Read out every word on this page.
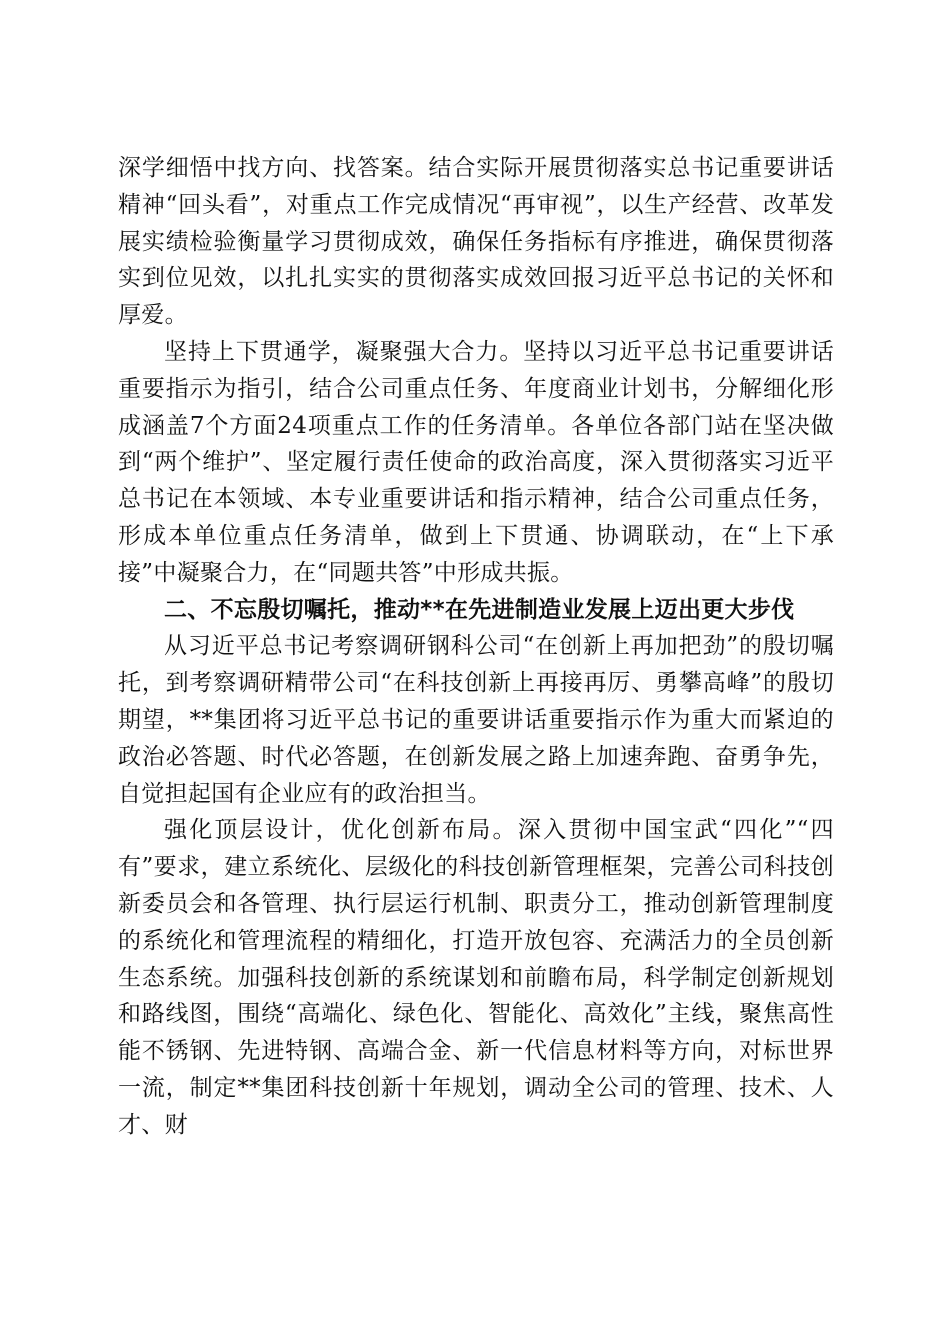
深学细悟中找方向、找答案。结合实际开展贯彻落实总书记重要讲话精神“回头看”，对重点工作完成情况“再审视”，以生产经营、改革发展实绩检验衡量学习贯彻成效，确保任务指标有序推进，确保贯彻落实到位见效，以扎扎实实的贯彻落实成效回报习近平总书记的关怀和厚爱。

坚持上下贯通学，凝聚强大合力。坚持以习近平总书记重要讲话重要指示为指引，结合公司重点任务、年度商业计划书，分解细化形成涵盖7个方面24项重点工作的任务清单。各单位各部门站在坚决做到“两个维护”、坚定履行责任使命的政治高度，深入贯彻落实习近平总书记在本领域、本专业重要讲话和指示精神，结合公司重点任务，形成本单位重点任务清单，做到上下贯通、协调联动，在“上下承接”中凝聚合力，在“同题共答”中形成共振。

二、不忘殷切嘱托，推动**在先进制造业发展上迈出更大步伐

从习近平总书记考察调研钢科公司“在创新上再加把劲”的殷切嘱托，到考察调研精带公司“在科技创新上再接再厉、勇攀高峰”的殷切期望，**集团将习近平总书记的重要讲话重要指示作为重大而紧迫的政治必答题、时代必答题，在创新发展之路上加速奔跑、奋勇争先，自觉担起国有企业应有的政治担当。

强化顶层设计，优化创新布局。深入贯彻中国宝武“四化”“四有”要求，建立系统化、层级化的科技创新管理框架，完善公司科技创新委员会和各管理、执行层运行机制、职责分工，推动创新管理制度的系统化和管理流程的精细化，打造开放包容、充满活力的全员创新生态系统。加强科技创新的系统谋划和前瞻布局，科学制定创新规划和路线图，围绕“高端化、绿色化、智能化、高效化”主线，聚焦高性能不锈钢、先进特钢、高端合金、新一代信息材料等方向，对标世界一流，制定**集团科技创新十年规划，调动全公司的管理、技术、人才、财
